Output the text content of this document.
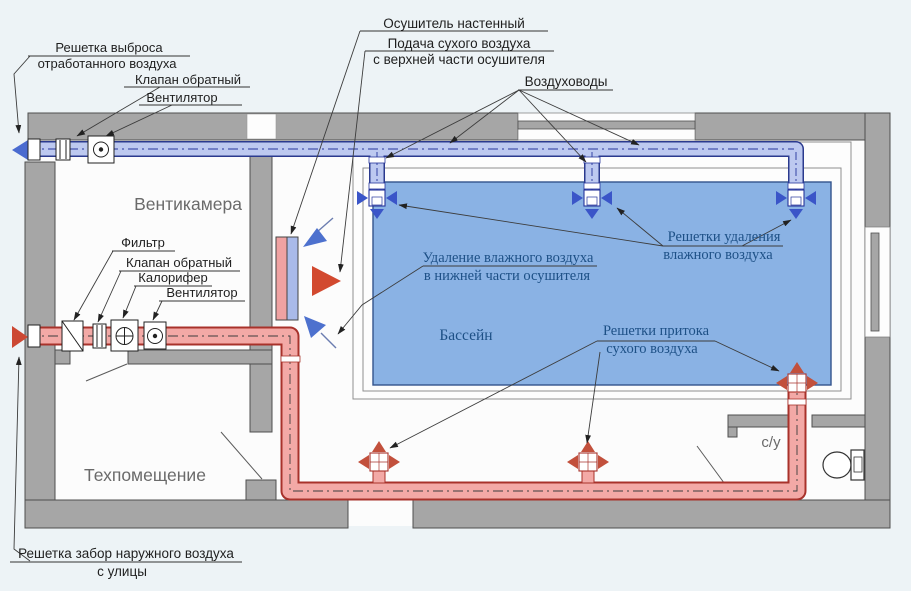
Решетка выброса
отработанного воздуха
Клапан обратный
Вентилятор
Осушитель настенный
Подача сухого воздуха
с верхней части осушителя
Воздуховоды
Вентикамера
Фильтр
Клапан обратный
Калорифер
Вентилятор
Решетки удаления
влажного воздуха
Удаление влажного воздуха
в нижней части осушителя
Бассейн	Решетки притока
сухого воздуха
Техпомещение
с/у
Решетка забор наружного воздуха
с улицы
